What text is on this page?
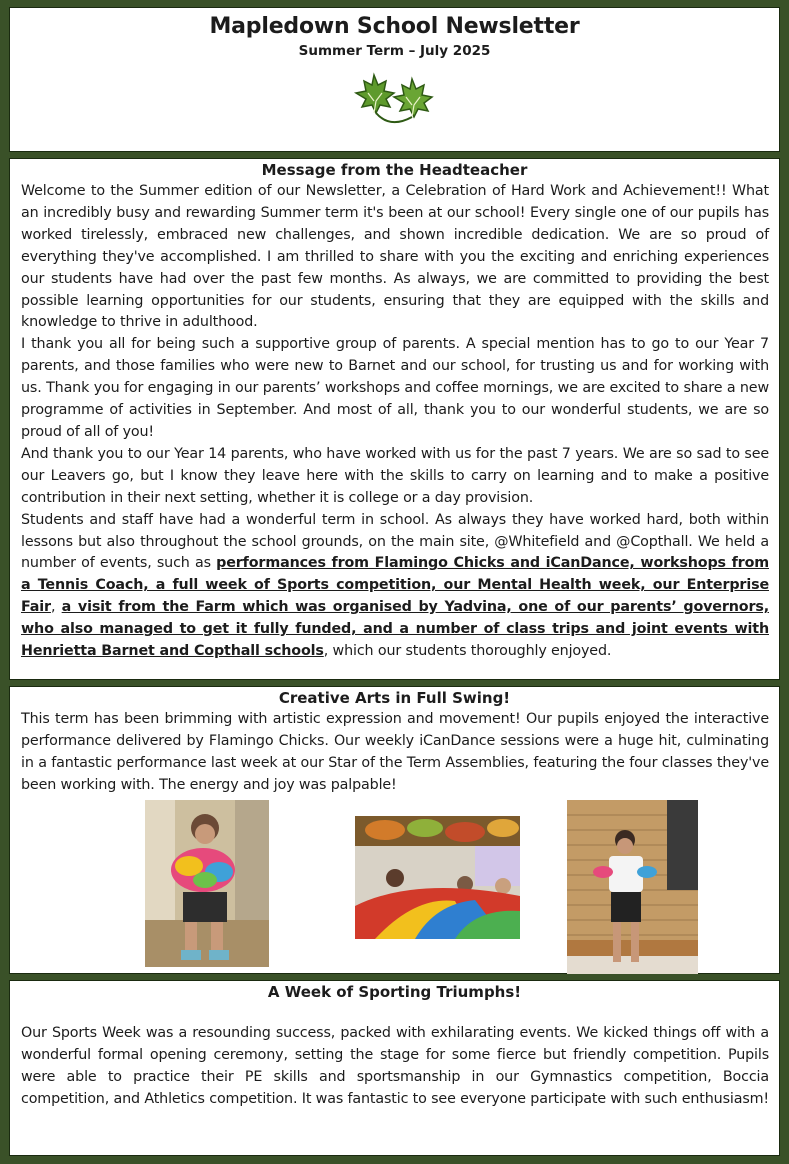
Mapledown School Newsletter
Summer Term – July 2025
Message from the Headteacher

Welcome to the Summer edition of our Newsletter, a Celebration of Hard Work and Achievement!! What an incredibly busy and rewarding Summer term it's been at our school! Every single one of our pupils has worked tirelessly, embraced new challenges, and shown incredible dedication. We are so proud of everything they've accomplished. I am thrilled to share with you the exciting and enriching experiences our students have had over the past few months. As always, we are committed to providing the best possible learning opportunities for our students, ensuring that they are equipped with the skills and knowledge to thrive in adulthood.

I thank you all for being such a supportive group of parents. A special mention has to go to our Year 7 parents, and those families who were new to Barnet and our school, for trusting us and for working with us. Thank you for engaging in our parents’ workshops and coffee mornings, we are excited to share a new programme of activities in September. And most of all, thank you to our wonderful students, we are so proud of all of you!

And thank you to our Year 14 parents, who have worked with us for the past 7 years. We are so sad to see our Leavers go, but I know they leave here with the skills to carry on learning and to make a positive contribution in their next setting, whether it is college or a day provision.

Students and staff have had a wonderful term in school. As always they have worked hard, both within lessons but also throughout the school grounds, on the main site, @Whitefield and @Copthall. We held a number of events, such as performances from Flamingo Chicks and iCanDance, workshops from a Tennis Coach, a full week of Sports competition, our Mental Health week, our Enterprise Fair, a visit from the Farm which was organised by Yadvina, one of our parents’ governors, who also managed to get it fully funded, and a number of class trips and joint events with Henrietta Barnet and Copthall schools, which our students thoroughly enjoyed.

Creative Arts in Full Swing!
This term has been brimming with artistic expression and movement! Our pupils enjoyed the interactive performance delivered by Flamingo Chicks. Our weekly iCanDance sessions were a huge hit, culminating in a fantastic performance last week at our Star of the Term Assemblies, featuring the four classes they've been working with. The energy and joy was palpable!
A Week of Sporting Triumphs!
Our Sports Week was a resounding success, packed with exhilarating events. We kicked things off with a wonderful formal opening ceremony, setting the stage for some fierce but friendly competition. Pupils were able to practice their PE skills and sportsmanship in our Gymnastics competition, Boccia competition, and Athletics competition. It was fantastic to see everyone participate with such enthusiasm!
